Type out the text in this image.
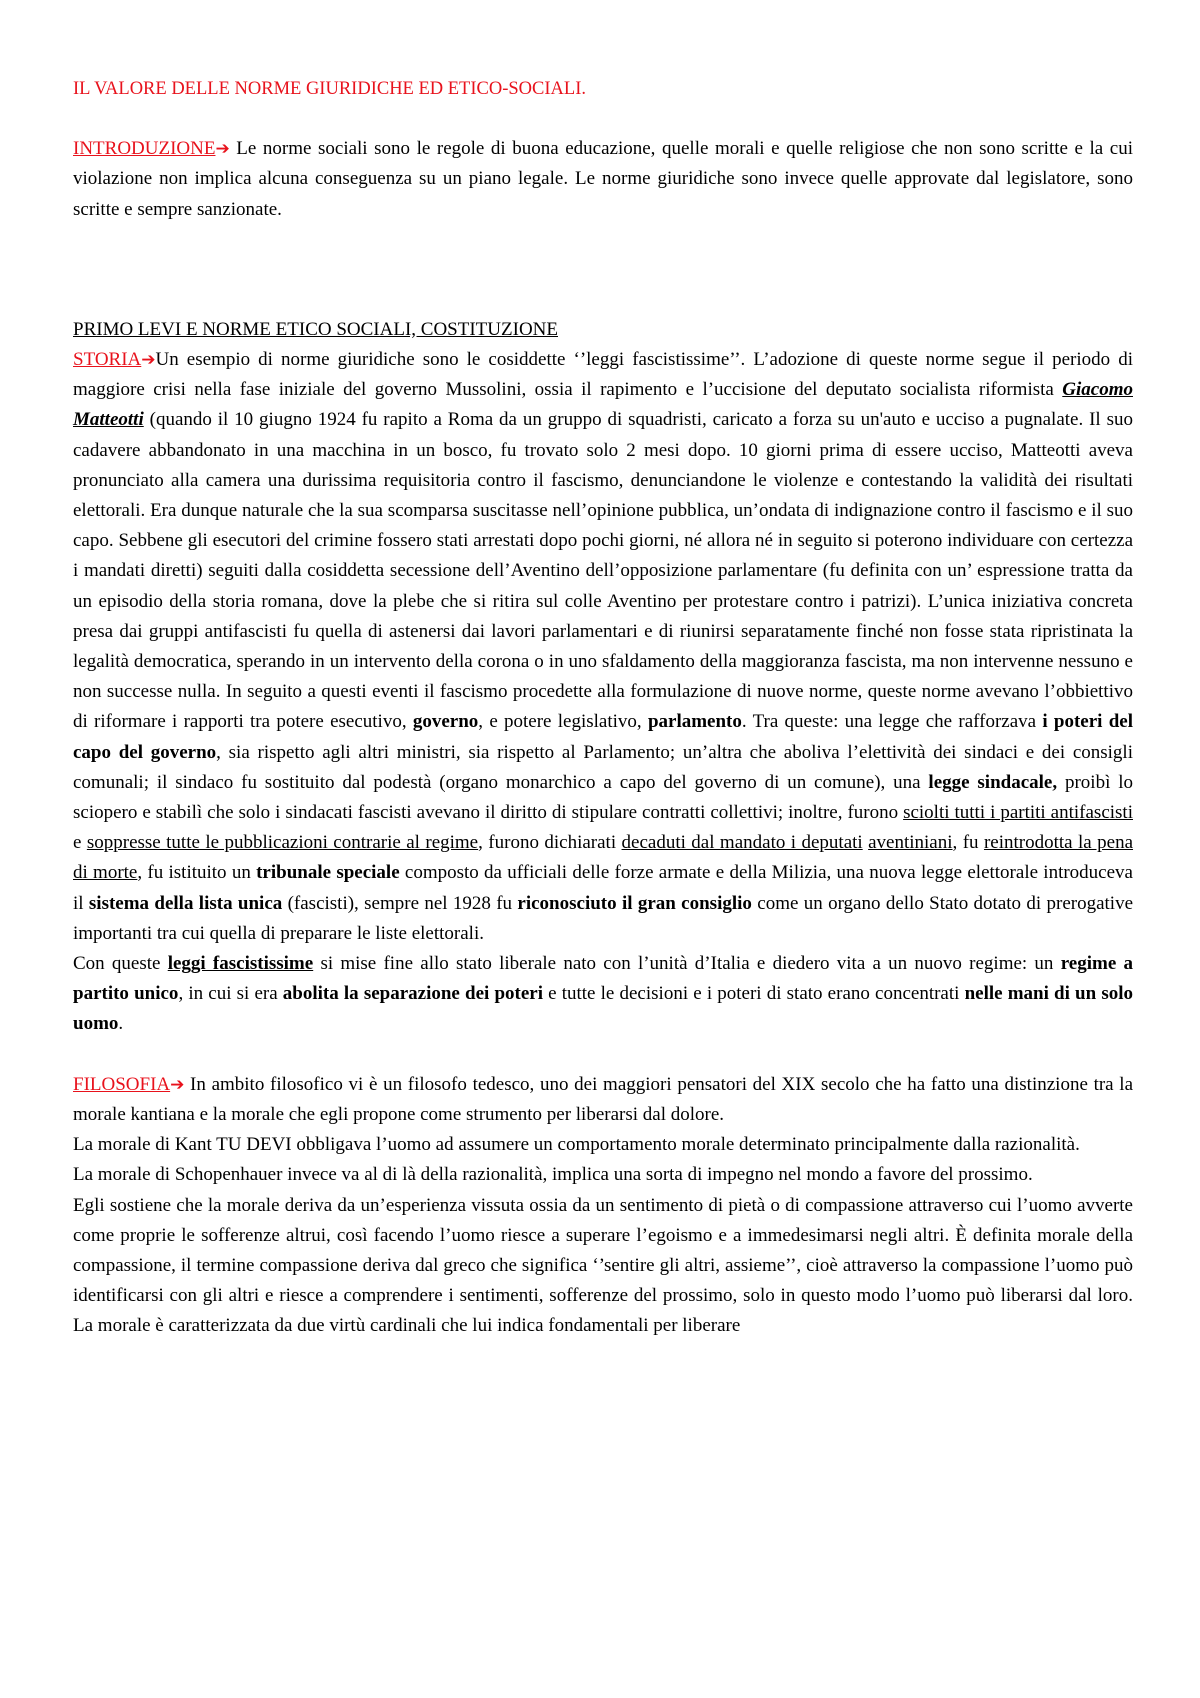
IL VALORE DELLE NORME GIURIDICHE ED ETICO-SOCIALI.

INTRODUZIONE➔ Le norme sociali sono le regole di buona educazione, quelle morali e quelle religiose che non sono scritte e la cui violazione non implica alcuna conseguenza su un piano legale. Le norme giuridiche sono invece quelle approvate dal legislatore, sono scritte e sempre sanzionate.

PRIMO LEVI E NORME ETICO SOCIALI, COSTITUZIONE

STORIA➔Un esempio di norme giuridiche sono le cosiddette ‘’leggi fascistissime’’. L’adozione di queste norme segue il periodo di maggiore crisi nella fase iniziale del governo Mussolini, ossia il rapimento e l’uccisione del deputato socialista riformista Giacomo Matteotti (quando il 10 giugno 1924 fu rapito a Roma da un gruppo di squadristi, caricato a forza su un'auto e ucciso a pugnalate. Il suo cadavere abbandonato in una macchina in un bosco, fu trovato solo 2 mesi dopo. 10 giorni prima di essere ucciso, Matteotti aveva pronunciato alla camera una durissima requisitoria contro il fascismo, denunciandone le violenze e contestando la validità dei risultati elettorali. Era dunque naturale che la sua scomparsa suscitasse nell’opinione pubblica, un’ondata di indignazione contro il fascismo e il suo capo. Sebbene gli esecutori del crimine fossero stati arrestati dopo pochi giorni, né allora né in seguito si poterono individuare con certezza i mandati diretti) seguiti dalla cosiddetta secessione dell’Aventino dell’opposizione parlamentare (fu definita con un’ espressione tratta da un episodio della storia romana, dove la plebe che si ritira sul colle Aventino per protestare contro i patrizi). L’unica iniziativa concreta presa dai gruppi antifascisti fu quella di astenersi dai lavori parlamentari e di riunirsi separatamente finché non fosse stata ripristinata la legalità democratica, sperando in un intervento della corona o in uno sfaldamento della maggioranza fascista, ma non intervenne nessuno e non successe nulla. In seguito a questi eventi il fascismo procedette alla formulazione di nuove norme, queste norme avevano l’obbiettivo di riformare i rapporti tra potere esecutivo, governo, e potere legislativo, parlamento. Tra queste: una legge che rafforzava i poteri del capo del governo, sia rispetto agli altri ministri, sia rispetto al Parlamento; un’altra che aboliva l’elettività dei sindaci e dei consigli comunali; il sindaco fu sostituito dal podestà (organo monarchico a capo del governo di un comune), una legge sindacale, proibì lo sciopero e stabilì che solo i sindacati fascisti avevano il diritto di stipulare contratti collettivi; inoltre, furono sciolti tutti i partiti antifascisti e soppresse tutte le pubblicazioni contrarie al regime, furono dichiarati decaduti dal mandato i deputati aventiniani, fu reintrodotta la pena di morte, fu istituito un tribunale speciale composto da ufficiali delle forze armate e della Milizia, una nuova legge elettorale introduceva il sistema della lista unica (fascisti), sempre nel 1928 fu riconosciuto il gran consiglio come un organo dello Stato dotato di prerogative importanti tra cui quella di preparare le liste elettorali.

Con queste leggi fascistissime si mise fine allo stato liberale nato con l’unità d’Italia e diedero vita a un nuovo regime: un regime a partito unico, in cui si era abolita la separazione dei poteri e tutte le decisioni e i poteri di stato erano concentrati nelle mani di un solo uomo.

FILOSOFIA➔ In ambito filosofico vi è un filosofo tedesco, uno dei maggiori pensatori del XIX secolo che ha fatto una distinzione tra la morale kantiana e la morale che egli propone come strumento per liberarsi dal dolore.

La morale di Kant TU DEVI obbligava l’uomo ad assumere un comportamento morale determinato principalmente dalla razionalità.

La morale di Schopenhauer invece va al di là della razionalità, implica una sorta di impegno nel mondo a favore del prossimo.

Egli sostiene che la morale deriva da un’esperienza vissuta ossia da un sentimento di pietà o di compassione attraverso cui l’uomo avverte come proprie le sofferenze altrui, così facendo l’uomo riesce a superare l’egoismo e a immedesimarsi negli altri. È definita morale della compassione, il termine compassione deriva dal greco che significa ‘’sentire gli altri, assieme’’, cioè attraverso la compassione l’uomo può identificarsi con gli altri e riesce a comprendere i sentimenti, sofferenze del prossimo, solo in questo modo l’uomo può liberarsi dal loro. La morale è caratterizzata da due virtù cardinali che lui indica fondamentali per liberare
